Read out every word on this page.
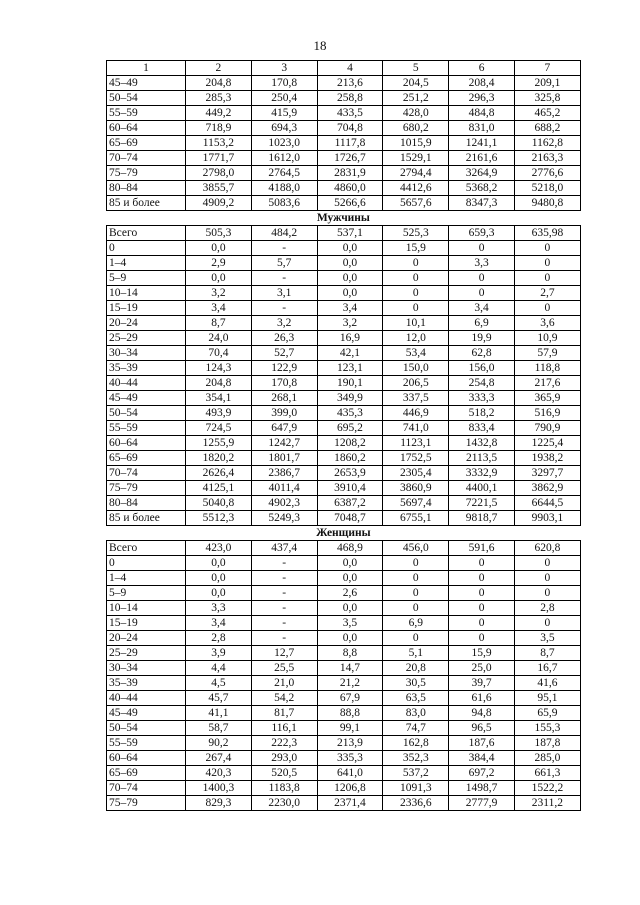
18
1	2	3	4	5	6	7
45–49	204,8	170,8	213,6	204,5	208,4	209,1
50–54	285,3	250,4	258,8	251,2	296,3	325,8
55–59	449,2	415,9	433,5	428,0	484,8	465,2
60–64	718,9	694,3	704,8	680,2	831,0	688,2
65–69	1153,2	1023,0	1117,8	1015,9	1241,1	1162,8
70–74	1771,7	1612,0	1726,7	1529,1	2161,6	2163,3
75–79	2798,0	2764,5	2831,9	2794,4	3264,9	2776,6
80–84	3855,7	4188,0	4860,0	4412,6	5368,2	5218,0
85 и более	4909,2	5083,6	5266,6	5657,6	8347,3	9480,8
Мужчины						
Всего	505,3	484,2	537,1	525,3	659,3	635,98
0	0,0	-	0,0	15,9	0	0
1–4	2,9	5,7	0,0	0	3,3	0
5–9	0,0	-	0,0	0	0	0
10–14	3,2	3,1	0,0	0	0	2,7
15–19	3,4	-	3,4	0	3,4	0
20–24	8,7	3,2	3,2	10,1	6,9	3,6
25–29	24,0	26,3	16,9	12,0	19,9	10,9
30–34	70,4	52,7	42,1	53,4	62,8	57,9
35–39	124,3	122,9	123,1	150,0	156,0	118,8
40–44	204,8	170,8	190,1	206,5	254,8	217,6
45–49	354,1	268,1	349,9	337,5	333,3	365,9
50–54	493,9	399,0	435,3	446,9	518,2	516,9
55–59	724,5	647,9	695,2	741,0	833,4	790,9
60–64	1255,9	1242,7	1208,2	1123,1	1432,8	1225,4
65–69	1820,2	1801,7	1860,2	1752,5	2113,5	1938,2
70–74	2626,4	2386,7	2653,9	2305,4	3332,9	3297,7
75–79	4125,1	4011,4	3910,4	3860,9	4400,1	3862,9
80–84	5040,8	4902,3	6387,2	5697,4	7221,5	6644,5
85 и более	5512,3	5249,3	7048,7	6755,1	9818,7	9903,1
Женщины						
Всего	423,0	437,4	468,9	456,0	591,6	620,8
0	0,0	-	0,0	0	0	0
1–4	0,0	-	0,0	0	0	0
5–9	0,0	-	2,6	0	0	0
10–14	3,3	-	0,0	0	0	2,8
15–19	3,4	-	3,5	6,9	0	0
20–24	2,8	-	0,0	0	0	3,5
25–29	3,9	12,7	8,8	5,1	15,9	8,7
30–34	4,4	25,5	14,7	20,8	25,0	16,7
35–39	4,5	21,0	21,2	30,5	39,7	41,6
40–44	45,7	54,2	67,9	63,5	61,6	95,1
45–49	41,1	81,7	88,8	83,0	94,8	65,9
50–54	58,7	116,1	99,1	74,7	96,5	155,3
55–59	90,2	222,3	213,9	162,8	187,6	187,8
60–64	267,4	293,0	335,3	352,3	384,4	285,0
65–69	420,3	520,5	641,0	537,2	697,2	661,3
70–74	1400,3	1183,8	1206,8	1091,3	1498,7	1522,2
75–79	829,3	2230,0	2371,4	2336,6	2777,9	2311,2
